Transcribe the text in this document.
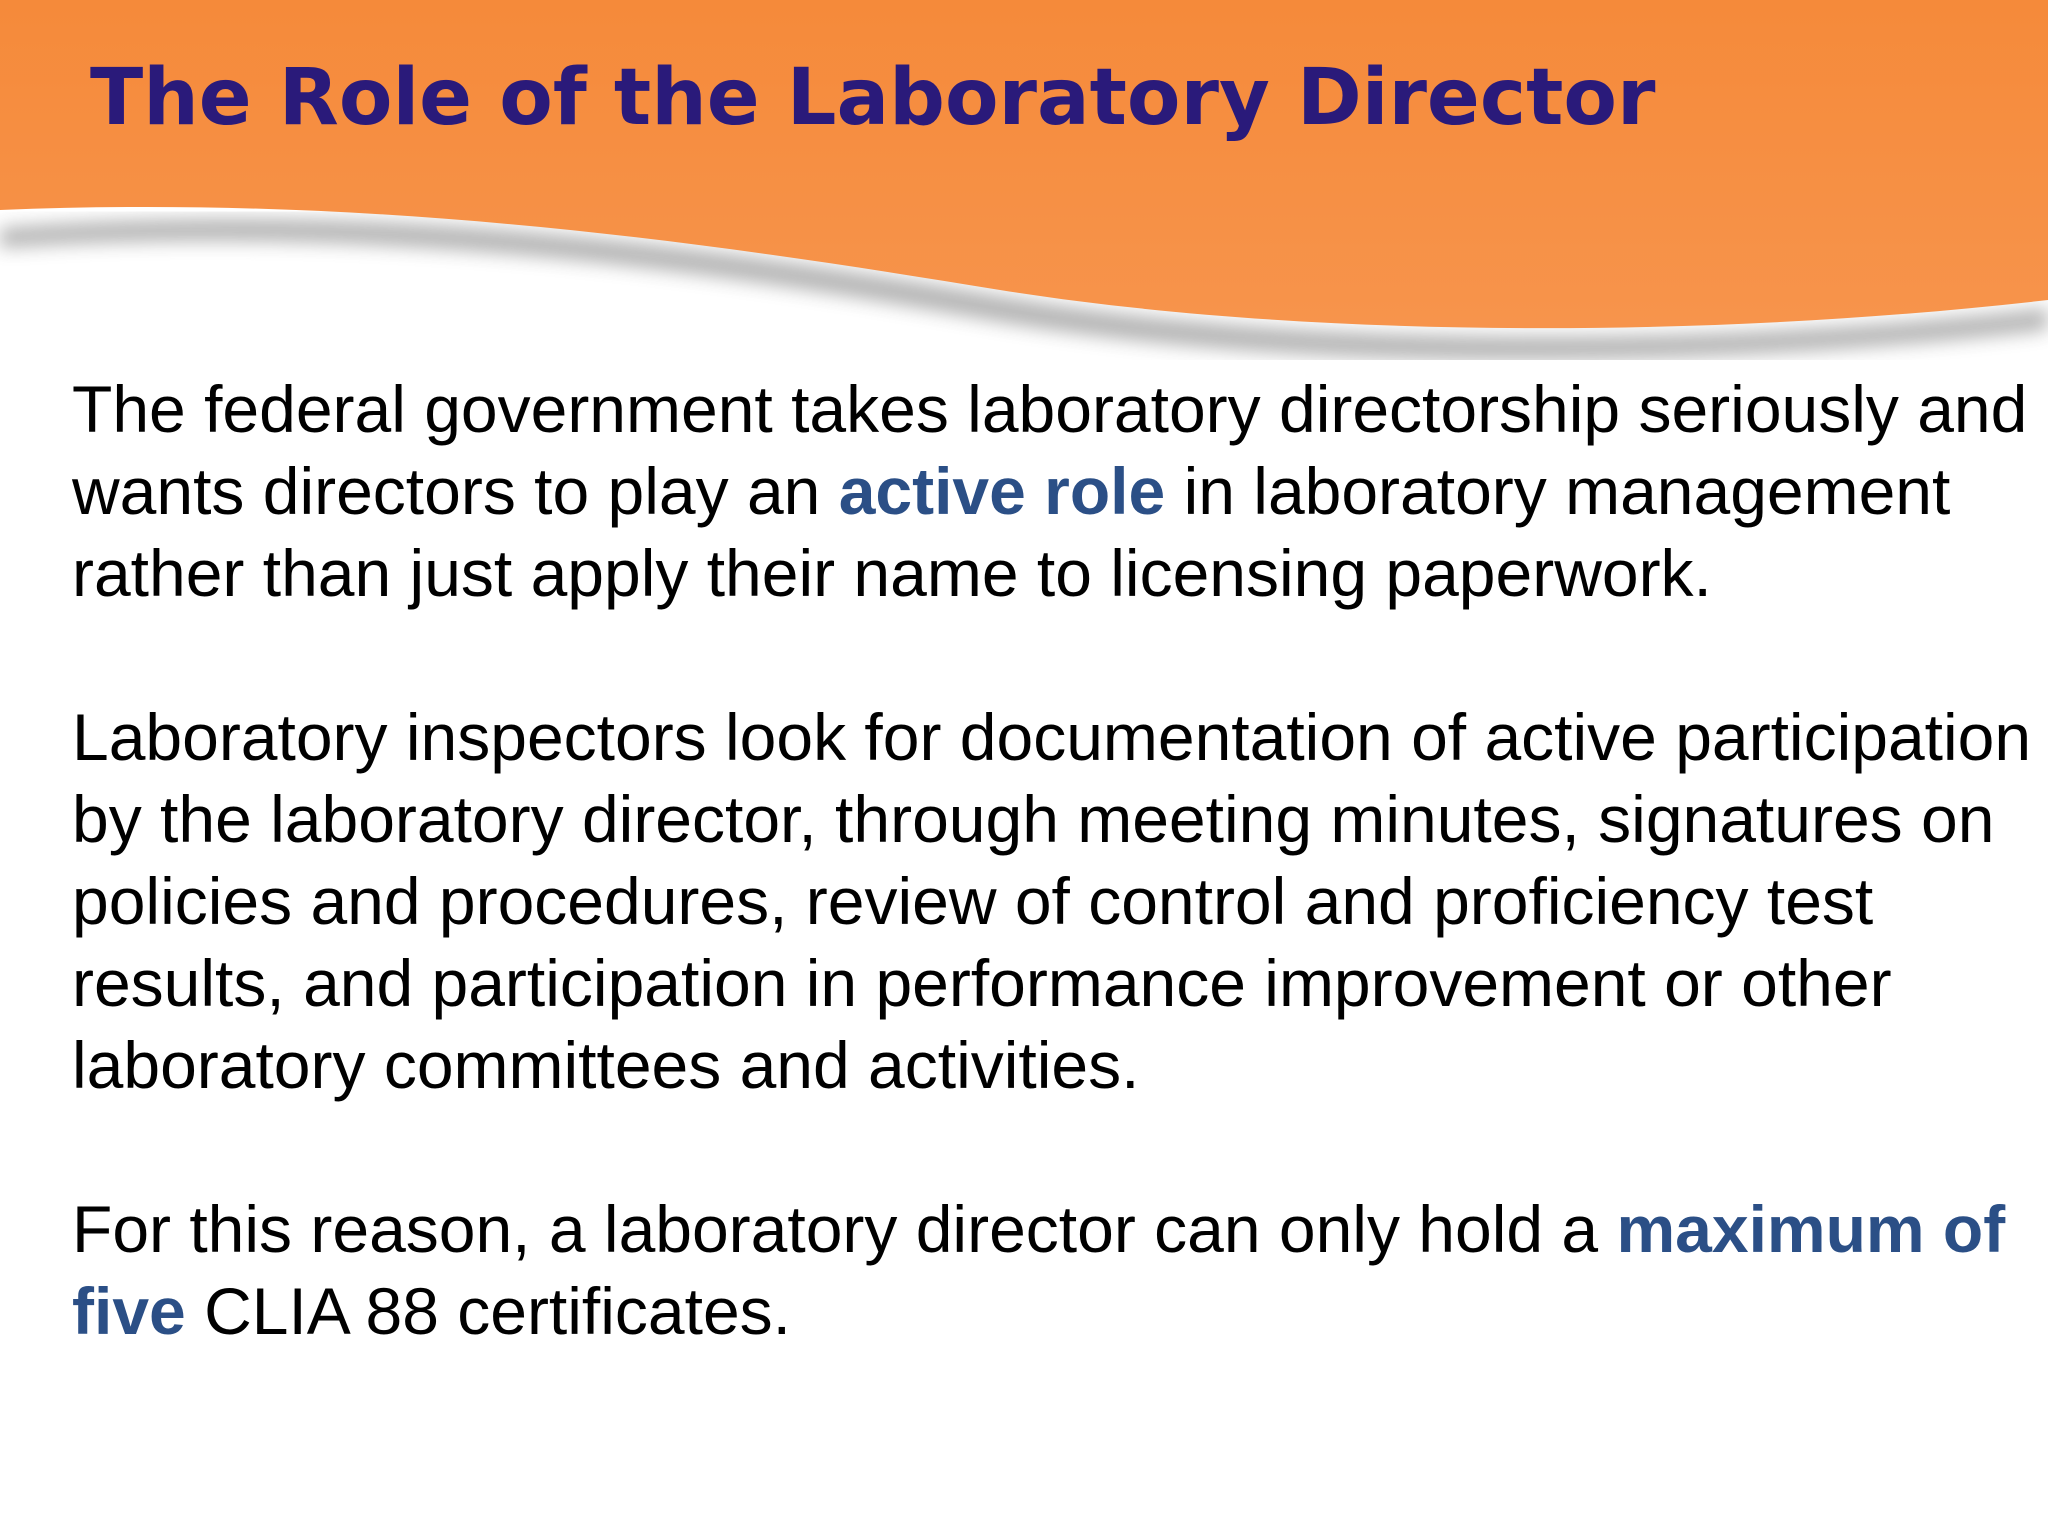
The Role of the Laboratory Director

The federal government takes laboratory directorship seriously and wants directors to play an active role in laboratory management rather than just apply their name to licensing paperwork.

Laboratory inspectors look for documentation of active participation by the laboratory director, through meeting minutes, signatures on policies and procedures, review of control and proficiency test results, and participation in performance improvement or other laboratory committees and activities.

For this reason, a laboratory director can only hold a maximum of five CLIA 88 certificates.
